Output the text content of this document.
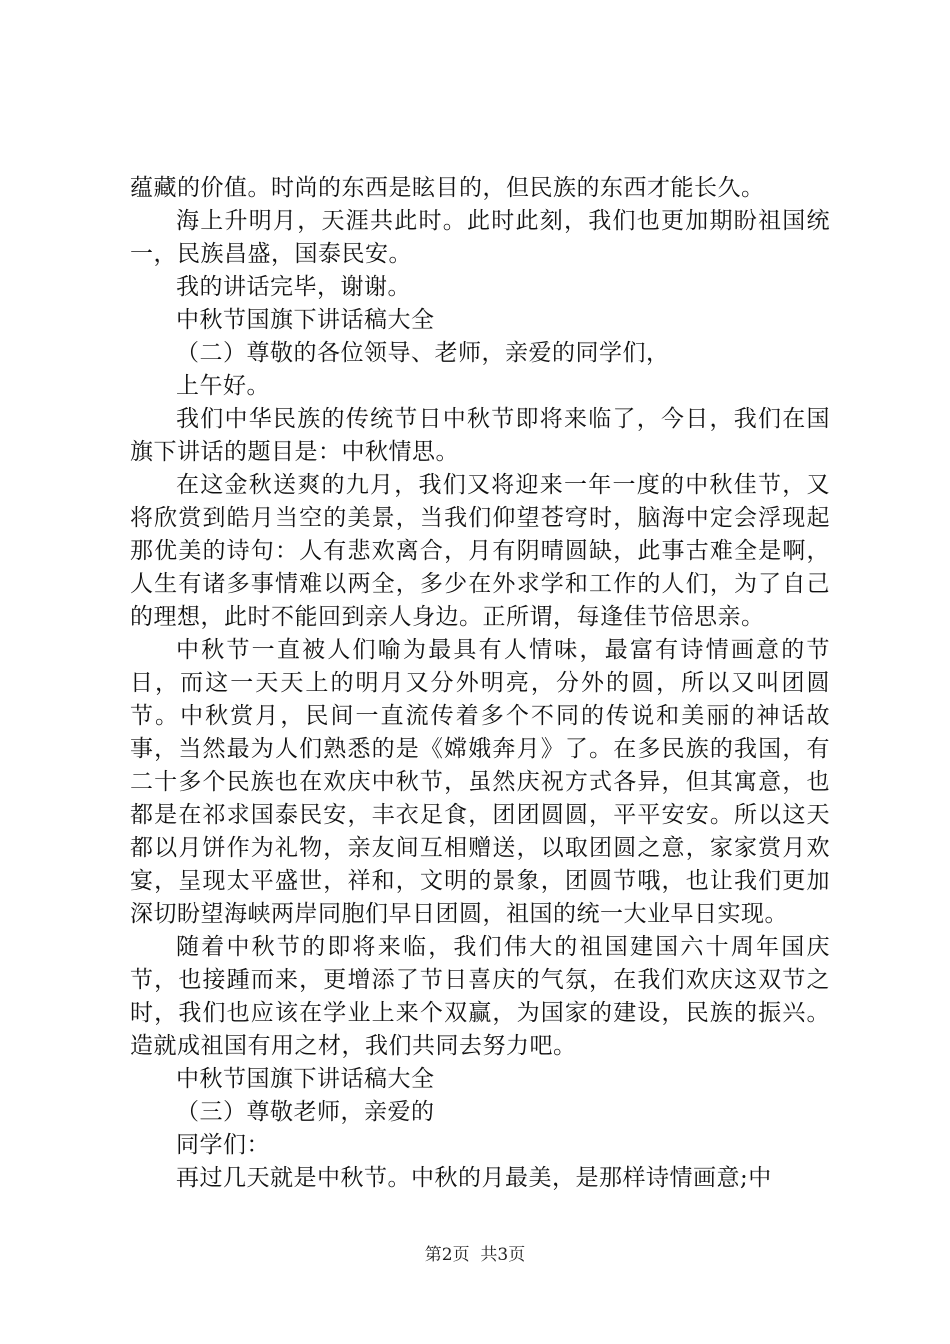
蕴藏的价值。时尚的东西是眩目的，但民族的东西才能长久。

海上升明月，天涯共此时。此时此刻，我们也更加期盼祖国统一，民族昌盛，国泰民安。

我的讲话完毕，谢谢。

中秋节国旗下讲话稿大全

（二）尊敬的各位领导、老师，亲爱的同学们，

上午好。

我们中华民族的传统节日中秋节即将来临了，今日，我们在国旗下讲话的题目是：中秋情思。

在这金秋送爽的九月，我们又将迎来一年一度的中秋佳节，又将欣赏到皓月当空的美景，当我们仰望苍穹时，脑海中定会浮现起那优美的诗句：人有悲欢离合，月有阴晴圆缺，此事古难全是啊，人生有诸多事情难以两全，多少在外求学和工作的人们，为了自己的理想，此时不能回到亲人身边。正所谓，每逢佳节倍思亲。

中秋节一直被人们喻为最具有人情味，最富有诗情画意的节日，而这一天天上的明月又分外明亮，分外的圆，所以又叫团圆节。中秋赏月，民间一直流传着多个不同的传说和美丽的神话故事，当然最为人们熟悉的是《嫦娥奔月》了。在多民族的我国，有二十多个民族也在欢庆中秋节，虽然庆祝方式各异，但其寓意，也都是在祁求国泰民安，丰衣足食，团团圆圆，平平安安。所以这天都以月饼作为礼物，亲友间互相赠送，以取团圆之意，家家赏月欢宴，呈现太平盛世，祥和，文明的景象，团圆节哦，也让我们更加深切盼望海峡两岸同胞们早日团圆，祖国的统一大业早日实现。

随着中秋节的即将来临，我们伟大的祖国建国六十周年国庆节，也接踵而来，更增添了节日喜庆的气氛，在我们欢庆这双节之时，我们也应该在学业上来个双赢，为国家的建设，民族的振兴。造就成祖国有用之材，我们共同去努力吧。

中秋节国旗下讲话稿大全

（三）尊敬老师，亲爱的

同学们：

再过几天就是中秋节。中秋的月最美，是那样诗情画意;中

第2页  共3页
